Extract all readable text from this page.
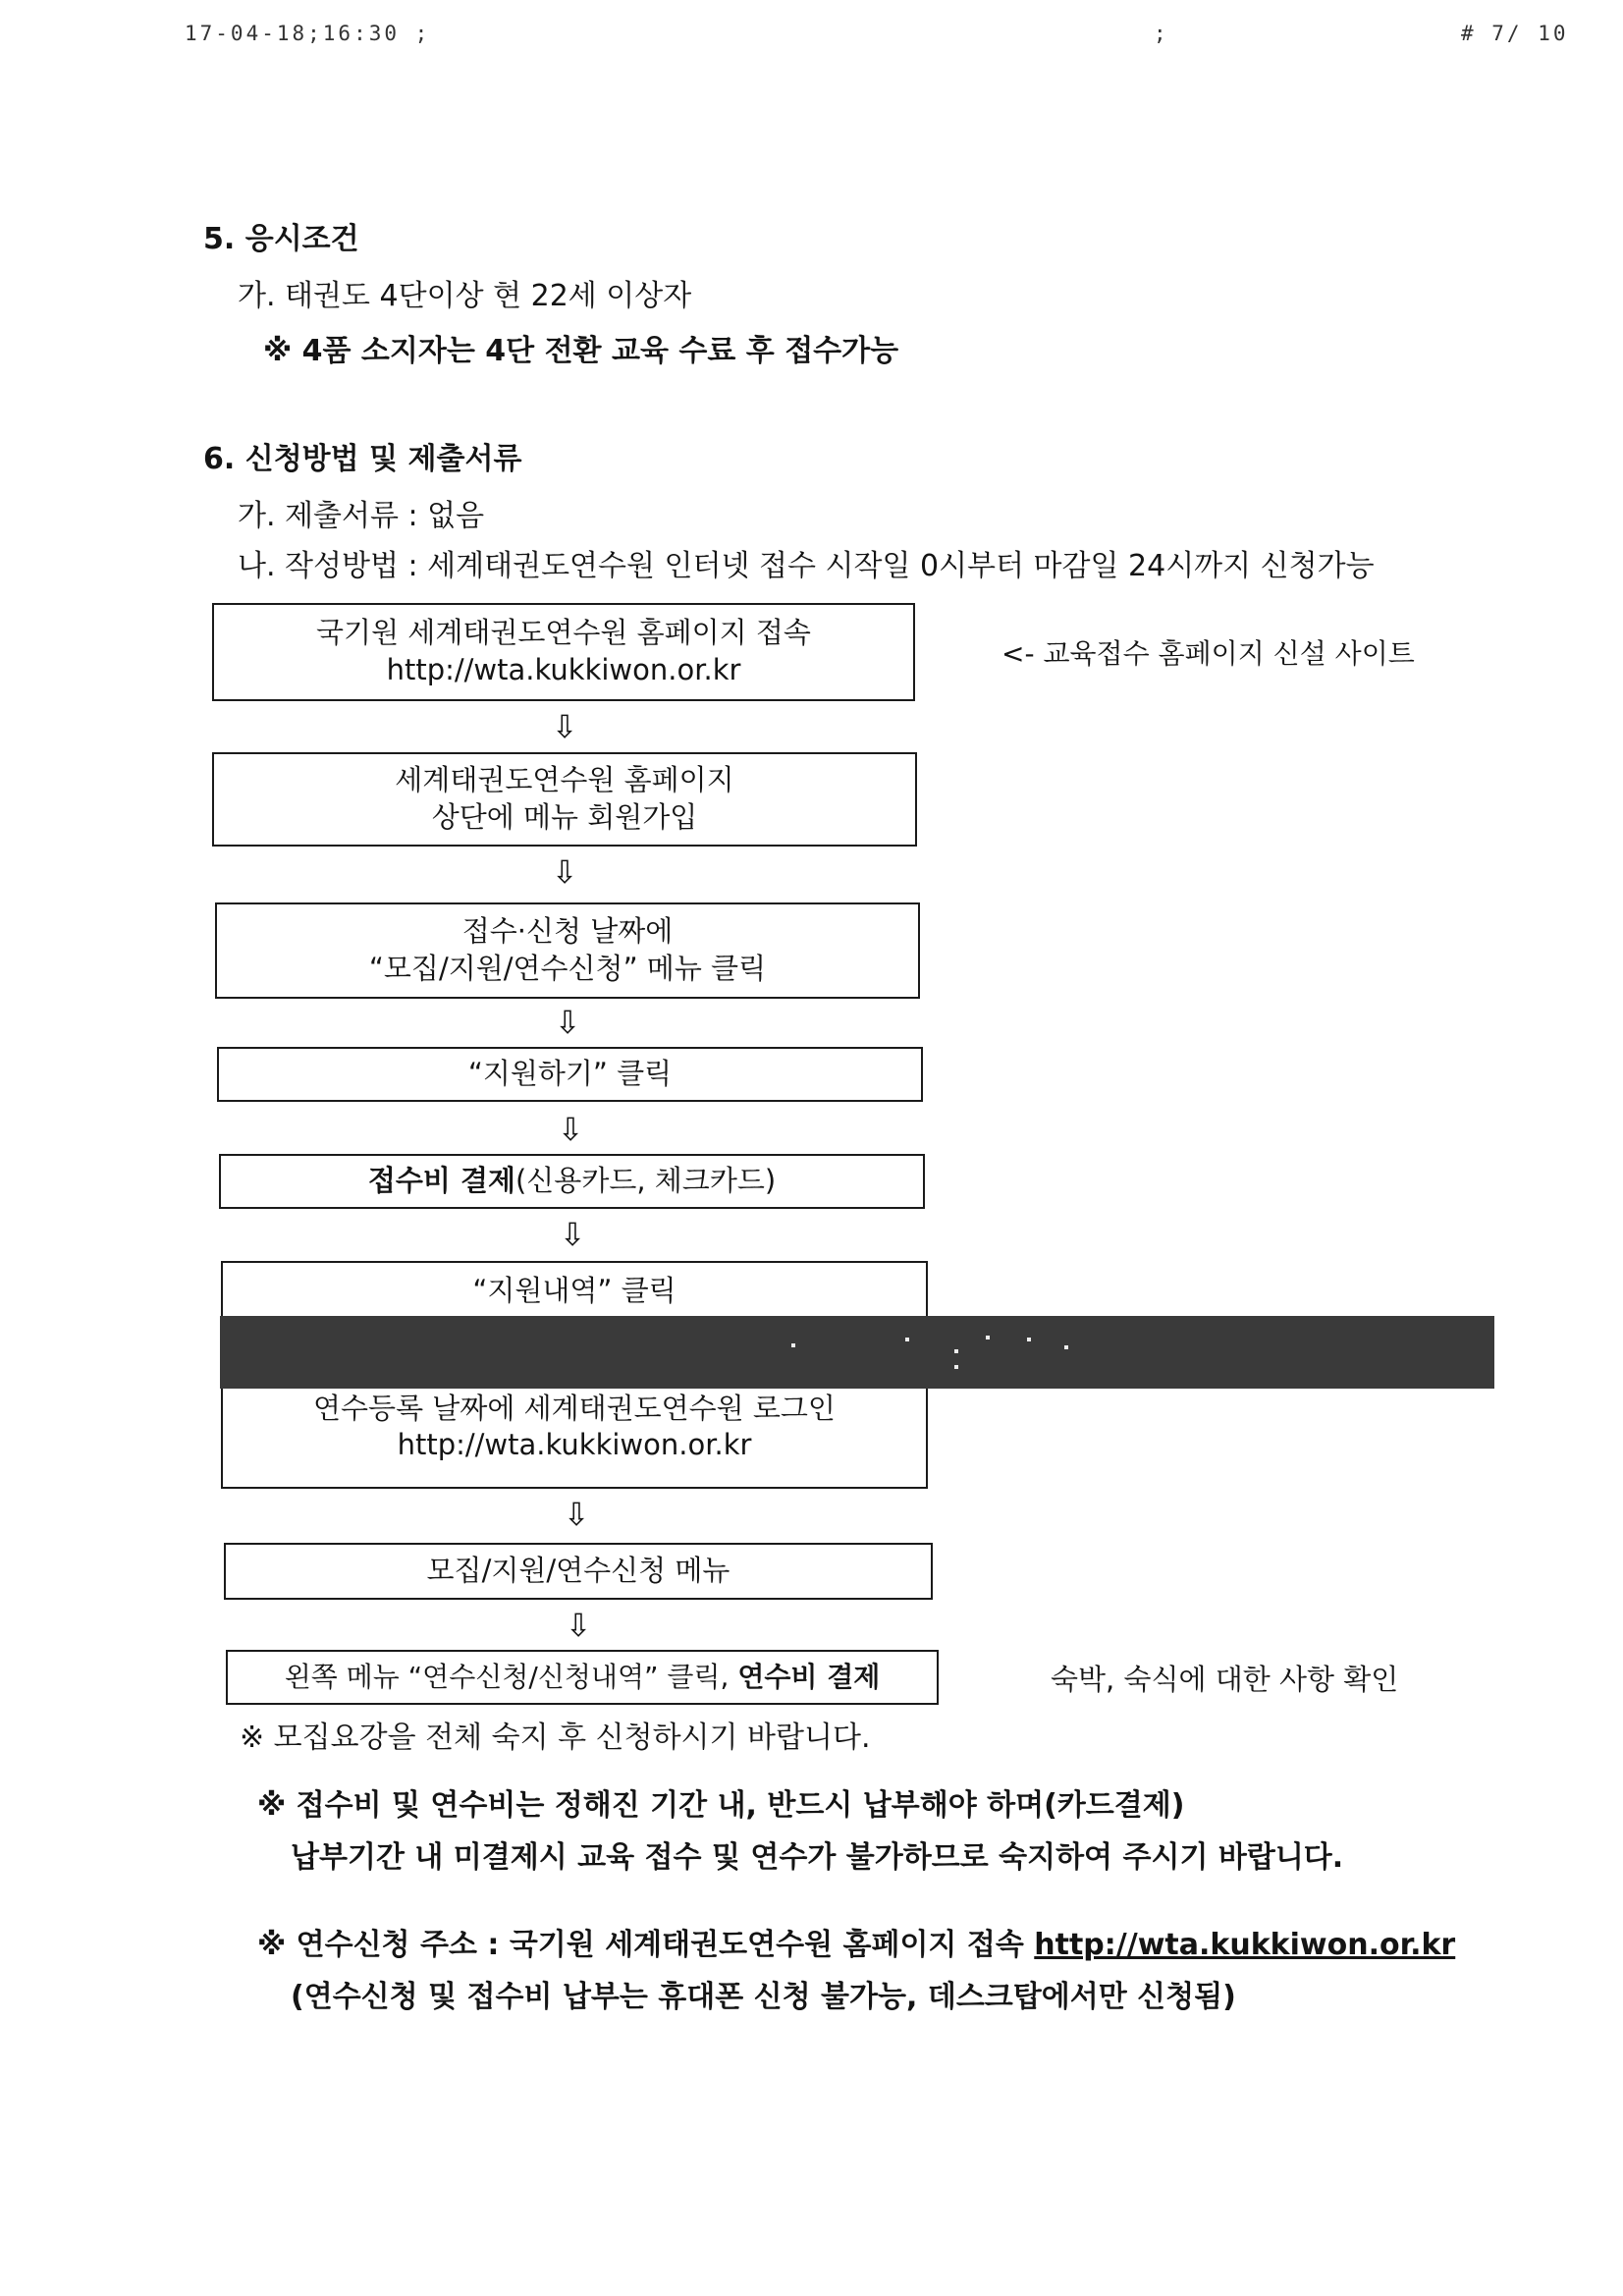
17-04-18;16:30 ;	;	# 7/ 10
5. 응시조건
가. 태권도 4단이상 현 22세 이상자
※ 4품 소지자는 4단 전환 교육 수료 후 접수가능
6. 신청방법 및 제출서류
가. 제출서류 : 없음
나. 작성방법 : 세계태권도연수원 인터넷 접수 시작일 0시부터 마감일 24시까지 신청가능
국기원 세계태권도연수원 홈페이지 접속
http://wta.kukkiwon.or.kr	<- 교육접수 홈페이지 신설 사이트
⇩
세계태권도연수원 홈페이지
상단에 메뉴 회원가입
⇩
접수·신청 날짜에
“모집/지원/연수신청” 메뉴 클릭
⇩
“지원하기” 클릭
⇩
접수비 결제(신용카드, 체크카드)
⇩
“지원내역” 클릭
연수등록 날짜에 세계태권도연수원 로그인
http://wta.kukkiwon.or.kr
⇩
모집/지원/연수신청 메뉴
⇩
왼쪽 메뉴 “연수신청/신청내역” 클릭, 연수비 결제	숙박, 숙식에 대한 사항 확인
※ 모집요강을 전체 숙지 후 신청하시기 바랍니다.
※ 접수비 및 연수비는 정해진 기간 내, 반드시 납부해야 하며(카드결제)
납부기간 내 미결제시 교육 접수 및 연수가 불가하므로 숙지하여 주시기 바랍니다.
※ 연수신청 주소 : 국기원 세계태권도연수원 홈페이지 접속 http://wta.kukkiwon.or.kr
(연수신청 및 접수비 납부는 휴대폰 신청 불가능, 데스크탑에서만 신청됨)
